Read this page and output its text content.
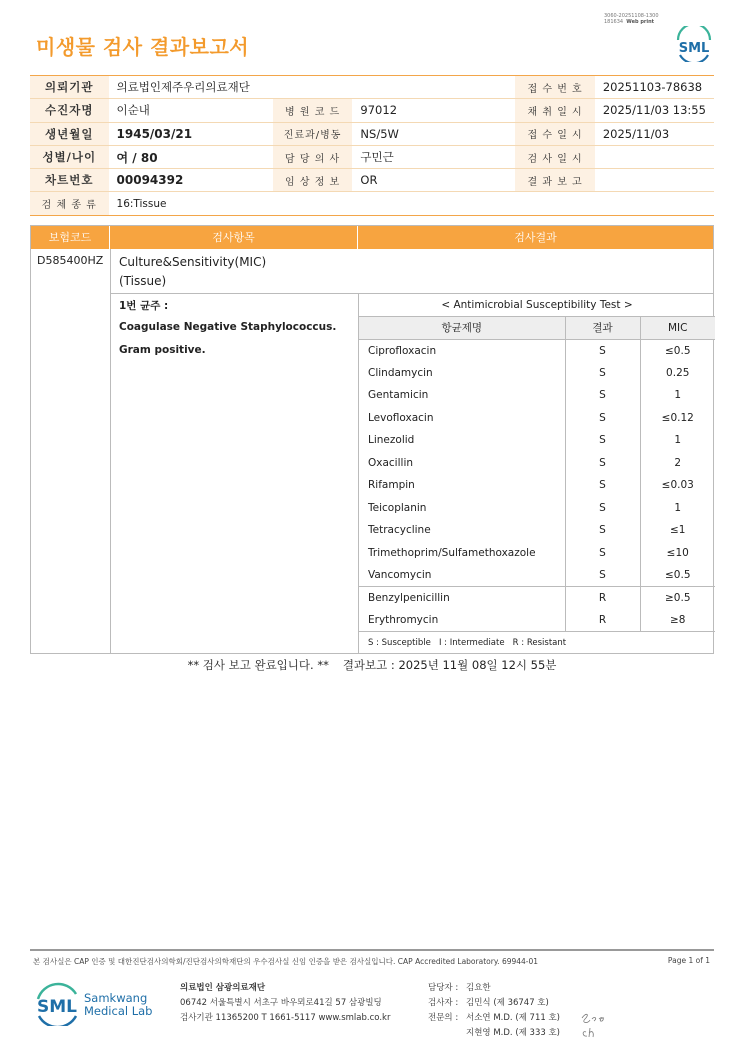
3060-20251108-1300
181634 Web print
미생물 검사 결과보고서	SML
의뢰기관	의료법인제주우리의료재단			접 수 번 호	20251103-78638
수진자명	이순내	병 원 코 드	97012	채 취 일 시	2025/11/03 13:55
생년월일	1945/03/21	진료과/병동	NS/5W	접 수 일 시	2025/11/03
성별/나이	여 / 80	담 당 의 사	구민근	검 사 일 시	
차트번호	00094392	임 상 정 보	OR	결 과 보 고	
검 체 종 류	16:Tissue				
보험코드	검사항목	검사결과
D585400HZ Culture&Sensitivity(MIC)
(Tissue)
1번 균주 :
Coagulase Negative Staphylococcus.
Gram positive.
< Antimicrobial Susceptibility Test >		
항균제명	결과	MIC
Ciprofloxacin	S	≤0.5
Clindamycin	S	0.25
Gentamicin	S	1
Levofloxacin	S	≤0.12
Linezolid	S	1
Oxacillin	S	2
Rifampin	S	≤0.03
Teicoplanin	S	1
Tetracycline	S	≤1
Trimethoprim/Sulfamethoxazole	S	≤10
Vancomycin	S	≤0.5
Benzylpenicillin	R	≥0.5
Erythromycin	R	≥8
S : Susceptible   I : Intermediate   R : Resistant		
** 검사 보고 완료입니다. ** 결과보고 : 2025년 11월 08일 12시 55분
본 검사실은 CAP 인증 및 대한진단검사의학회/진단검사의학재단의 우수검사실 신임 인증을 받은 검사실입니다. CAP Accredited Laboratory. 69944-01	Page 1 of 1
SML Samkwang
Medical Lab
의료법인 삼광의료재단
06742 서울특별시 서초구 바우뫼로41길 57 삼광빌딩
검사기관 11365200 T 1661-5117 www.smlab.co.kr
담당자 : 김요한
검사자 : 김민식 (제 36747 호)
전문의 : 서소연 M.D. (제 711 호)
지현영 M.D. (제 333 호)
